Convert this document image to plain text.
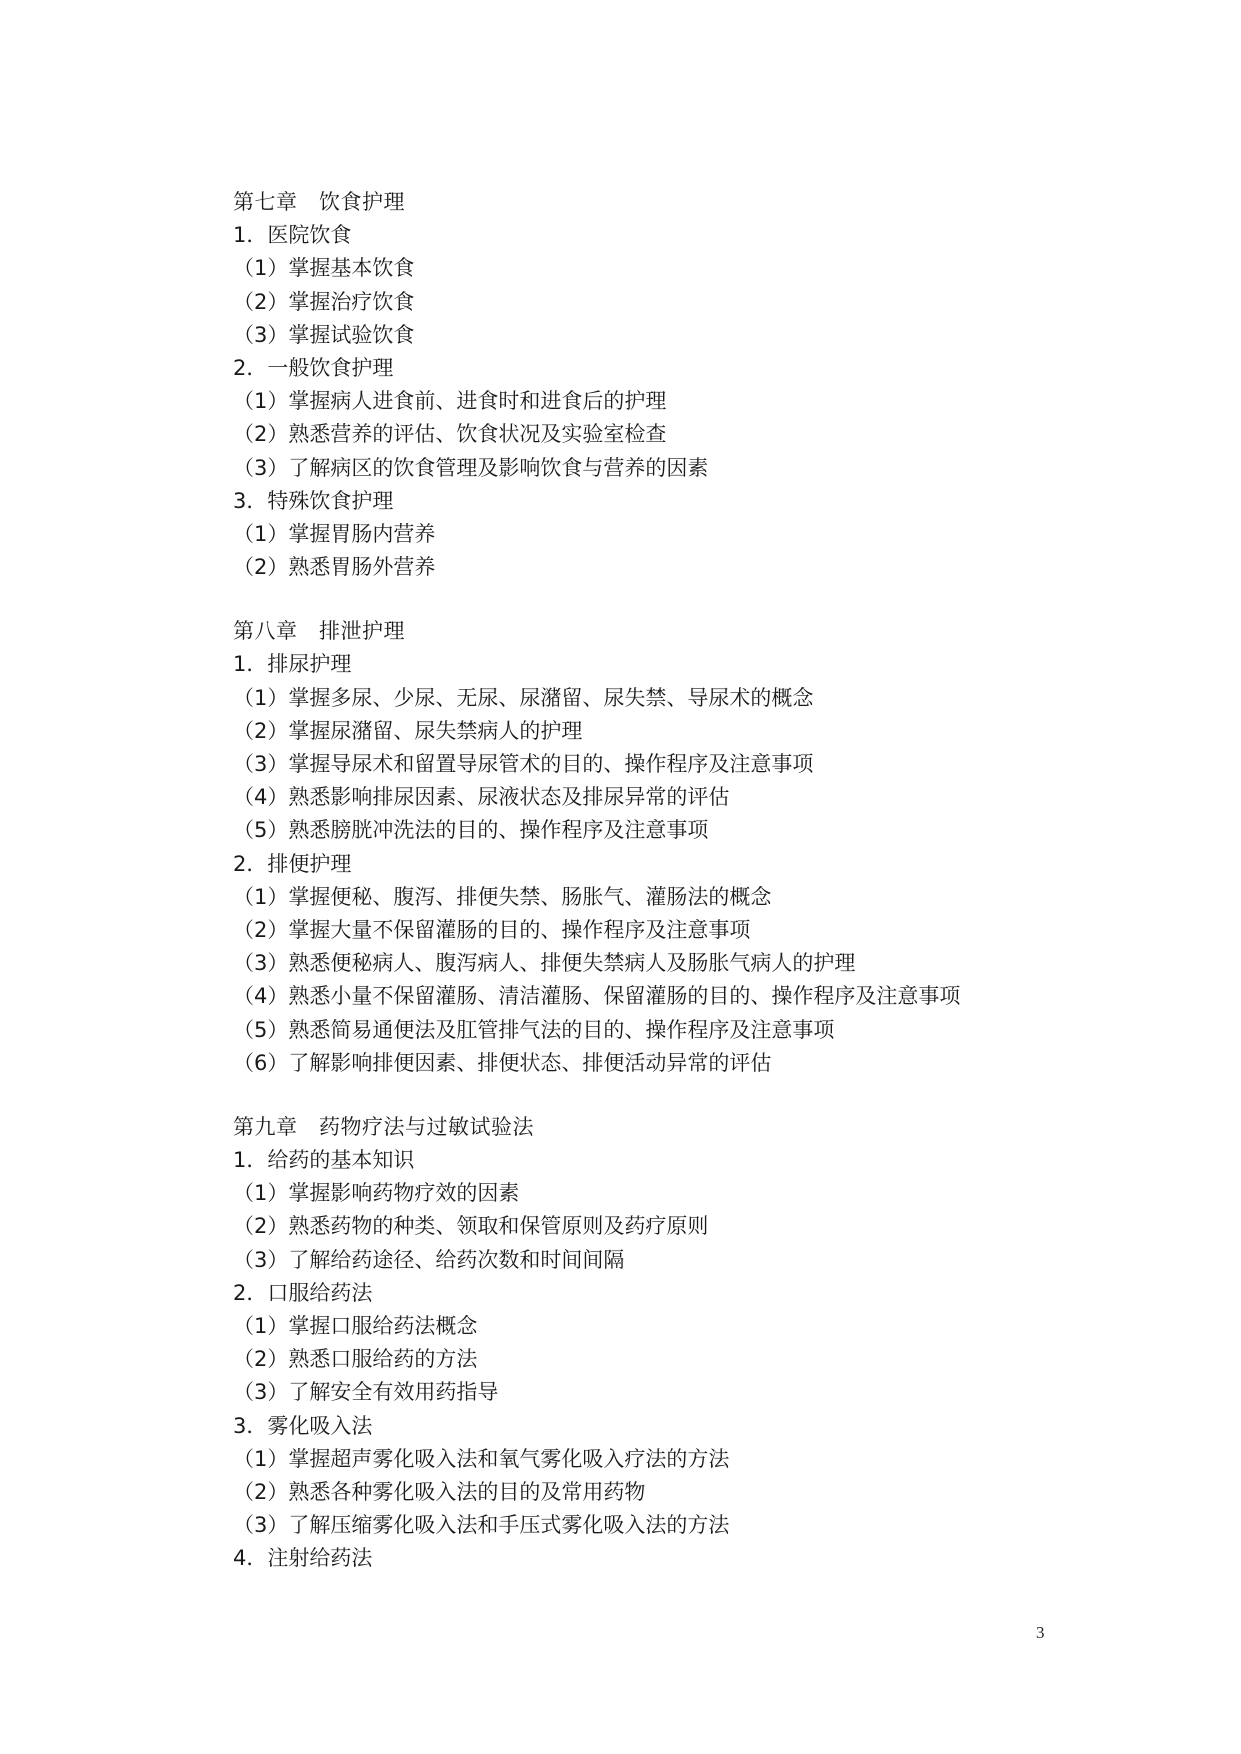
第七章　饮食护理
1．医院饮食
（1）掌握基本饮食
（2）掌握治疗饮食
（3）掌握试验饮食
2．一般饮食护理
（1）掌握病人进食前、进食时和进食后的护理
（2）熟悉营养的评估、饮食状况及实验室检查
（3）了解病区的饮食管理及影响饮食与营养的因素
3．特殊饮食护理
（1）掌握胃肠内营养
（2）熟悉胃肠外营养
第八章　排泄护理
1．排尿护理
（1）掌握多尿、少尿、无尿、尿潴留、尿失禁、导尿术的概念
（2）掌握尿潴留、尿失禁病人的护理
（3）掌握导尿术和留置导尿管术的目的、操作程序及注意事项
（4）熟悉影响排尿因素、尿液状态及排尿异常的评估
（5）熟悉膀胱冲洗法的目的、操作程序及注意事项
2．排便护理
（1）掌握便秘、腹泻、排便失禁、肠胀气、灌肠法的概念
（2）掌握大量不保留灌肠的目的、操作程序及注意事项
（3）熟悉便秘病人、腹泻病人、排便失禁病人及肠胀气病人的护理
（4）熟悉小量不保留灌肠、清洁灌肠、保留灌肠的目的、操作程序及注意事项
（5）熟悉简易通便法及肛管排气法的目的、操作程序及注意事项
（6）了解影响排便因素、排便状态、排便活动异常的评估
第九章　药物疗法与过敏试验法
1．给药的基本知识
（1）掌握影响药物疗效的因素
（2）熟悉药物的种类、领取和保管原则及药疗原则
（3）了解给药途径、给药次数和时间间隔
2．口服给药法
（1）掌握口服给药法概念
（2）熟悉口服给药的方法
（3）了解安全有效用药指导
3．雾化吸入法
（1）掌握超声雾化吸入法和氧气雾化吸入疗法的方法
（2）熟悉各种雾化吸入法的目的及常用药物
（3）了解压缩雾化吸入法和手压式雾化吸入法的方法
4．注射给药法
3
